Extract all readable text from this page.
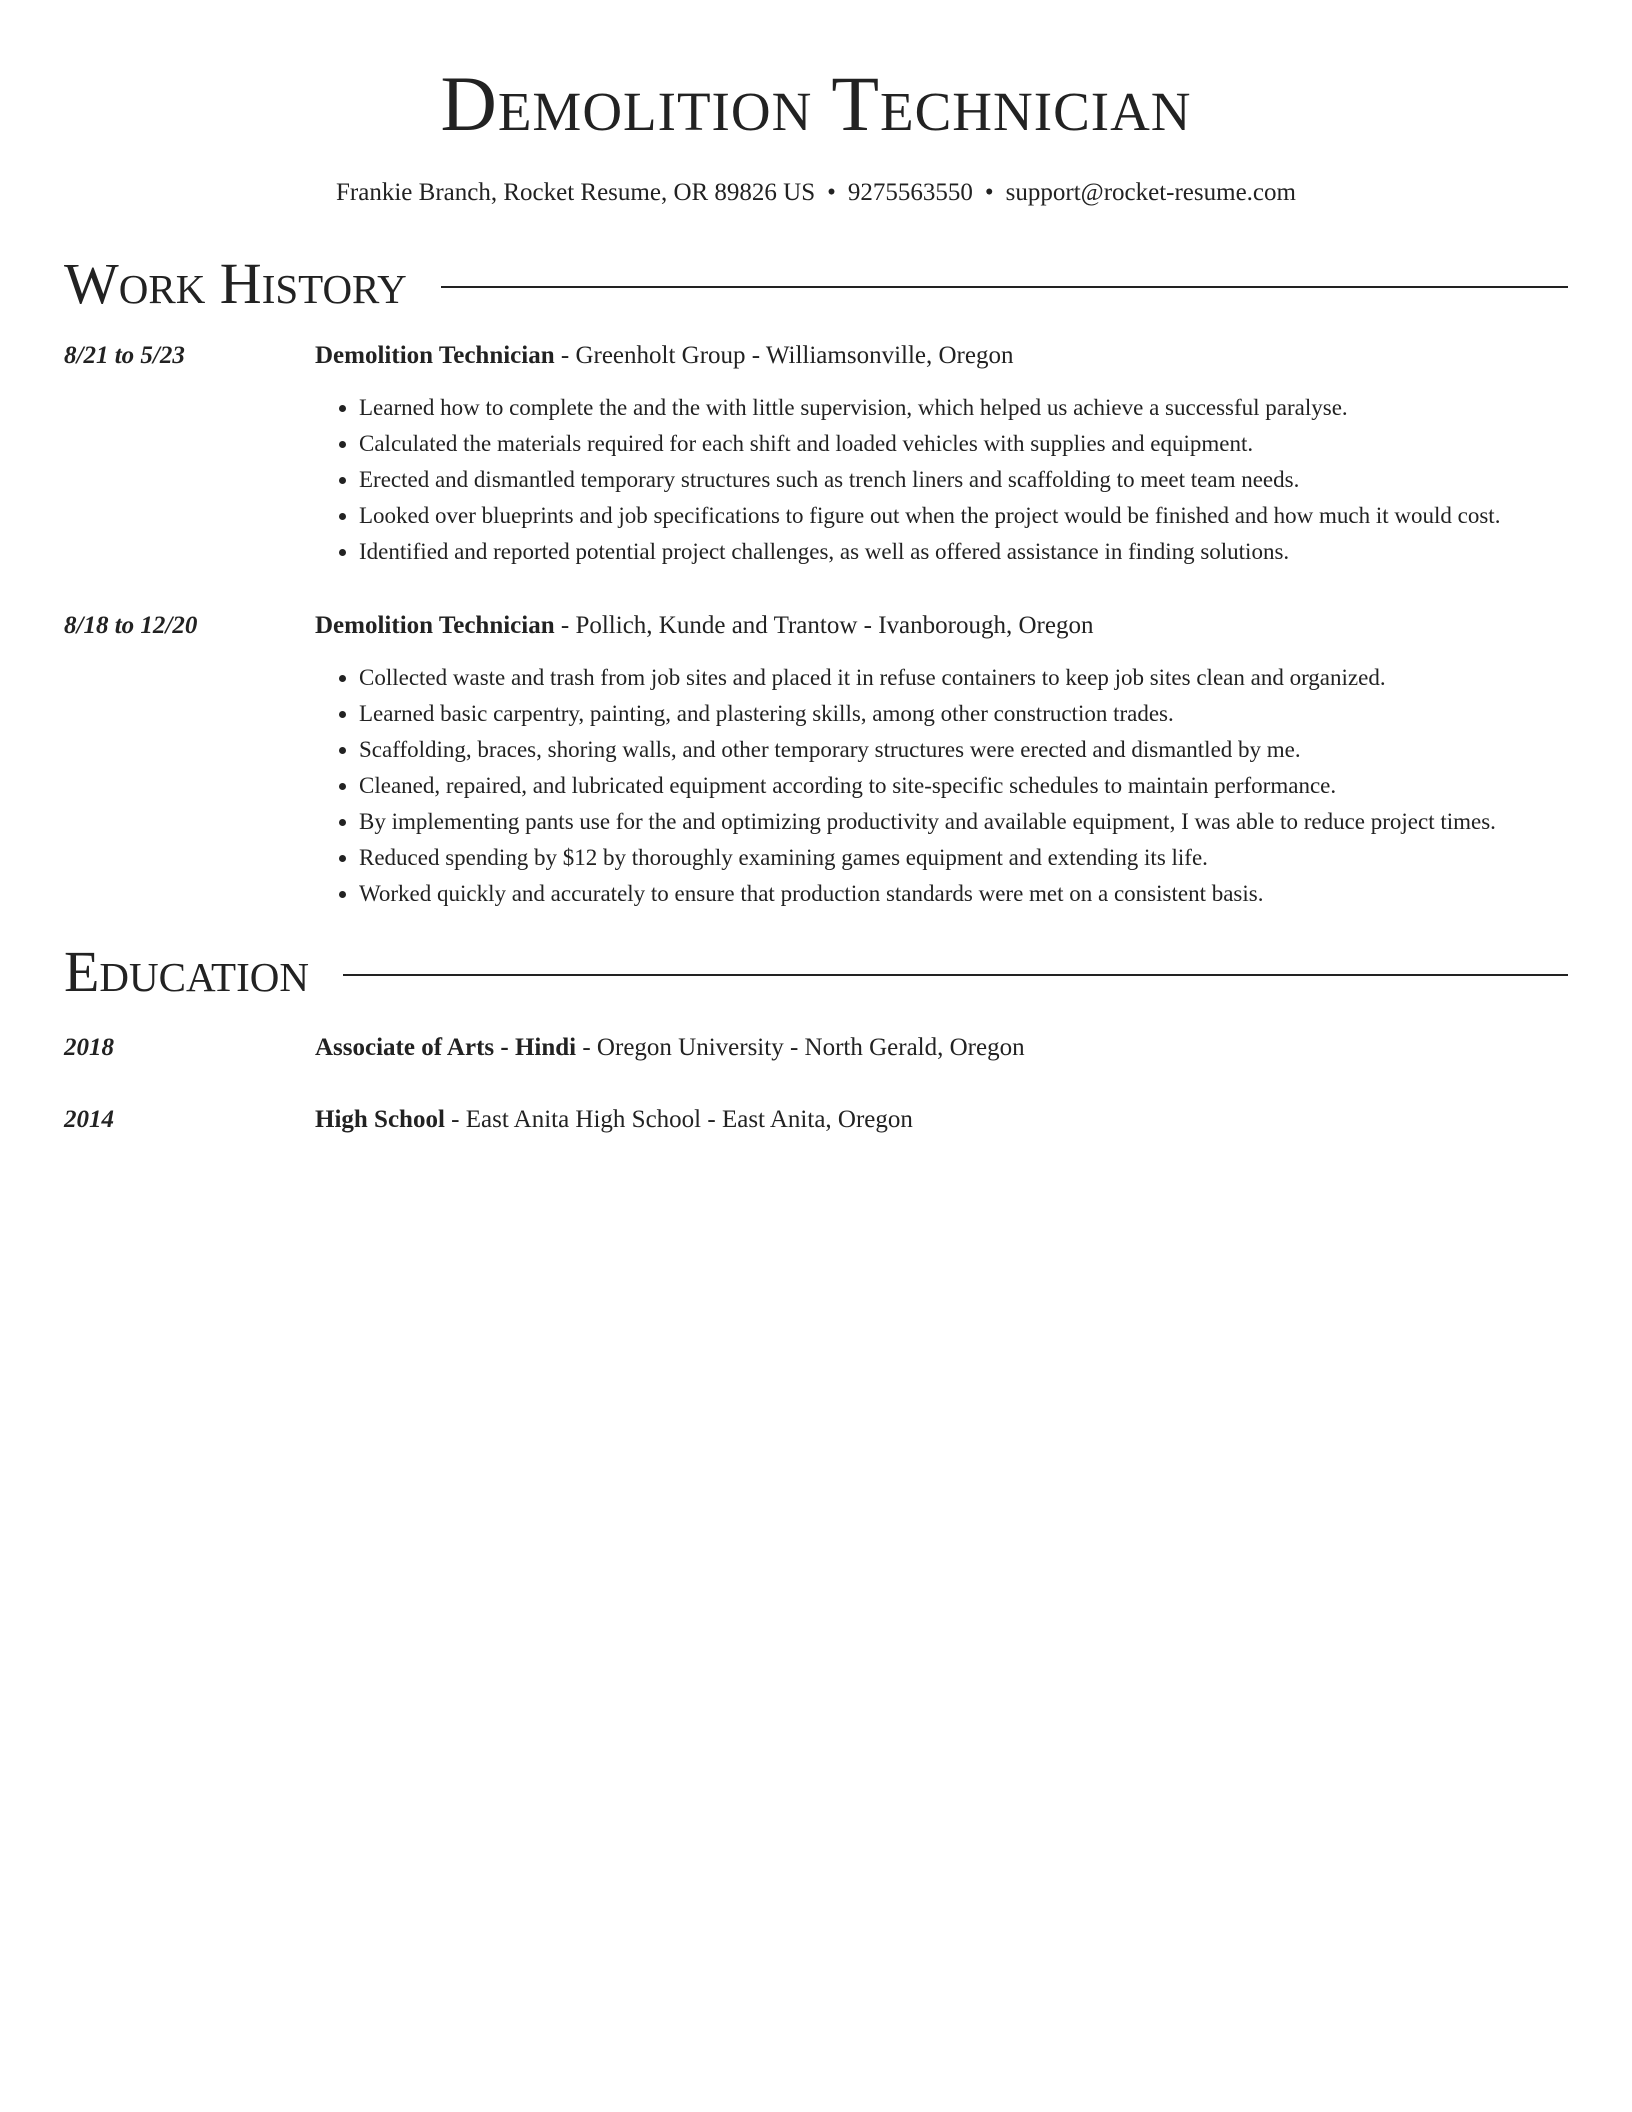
Demolition Technician
Frankie Branch, Rocket Resume, OR 89826 US • 9275563550 • support@rocket-resume.com
Work History
8/21 to 5/23	Demolition Technician - Greenholt Group - Williamsonville, Oregon
• Learned how to complete the and the with little supervision, which helped us achieve a successful paralyse.
• Calculated the materials required for each shift and loaded vehicles with supplies and equipment.
• Erected and dismantled temporary structures such as trench liners and scaffolding to meet team needs.
• Looked over blueprints and job specifications to figure out when the project would be finished and how much it would cost.
• Identified and reported potential project challenges, as well as offered assistance in finding solutions.
8/18 to 12/20	Demolition Technician - Pollich, Kunde and Trantow - Ivanborough, Oregon
• Collected waste and trash from job sites and placed it in refuse containers to keep job sites clean and organized.
• Learned basic carpentry, painting, and plastering skills, among other construction trades.
• Scaffolding, braces, shoring walls, and other temporary structures were erected and dismantled by me.
• Cleaned, repaired, and lubricated equipment according to site-specific schedules to maintain performance.
• By implementing pants use for the and optimizing productivity and available equipment, I was able to reduce project times.
• Reduced spending by $12 by thoroughly examining games equipment and extending its life.
• Worked quickly and accurately to ensure that production standards were met on a consistent basis.
Education
2018	Associate of Arts - Hindi - Oregon University - North Gerald, Oregon
2014	High School - East Anita High School - East Anita, Oregon
